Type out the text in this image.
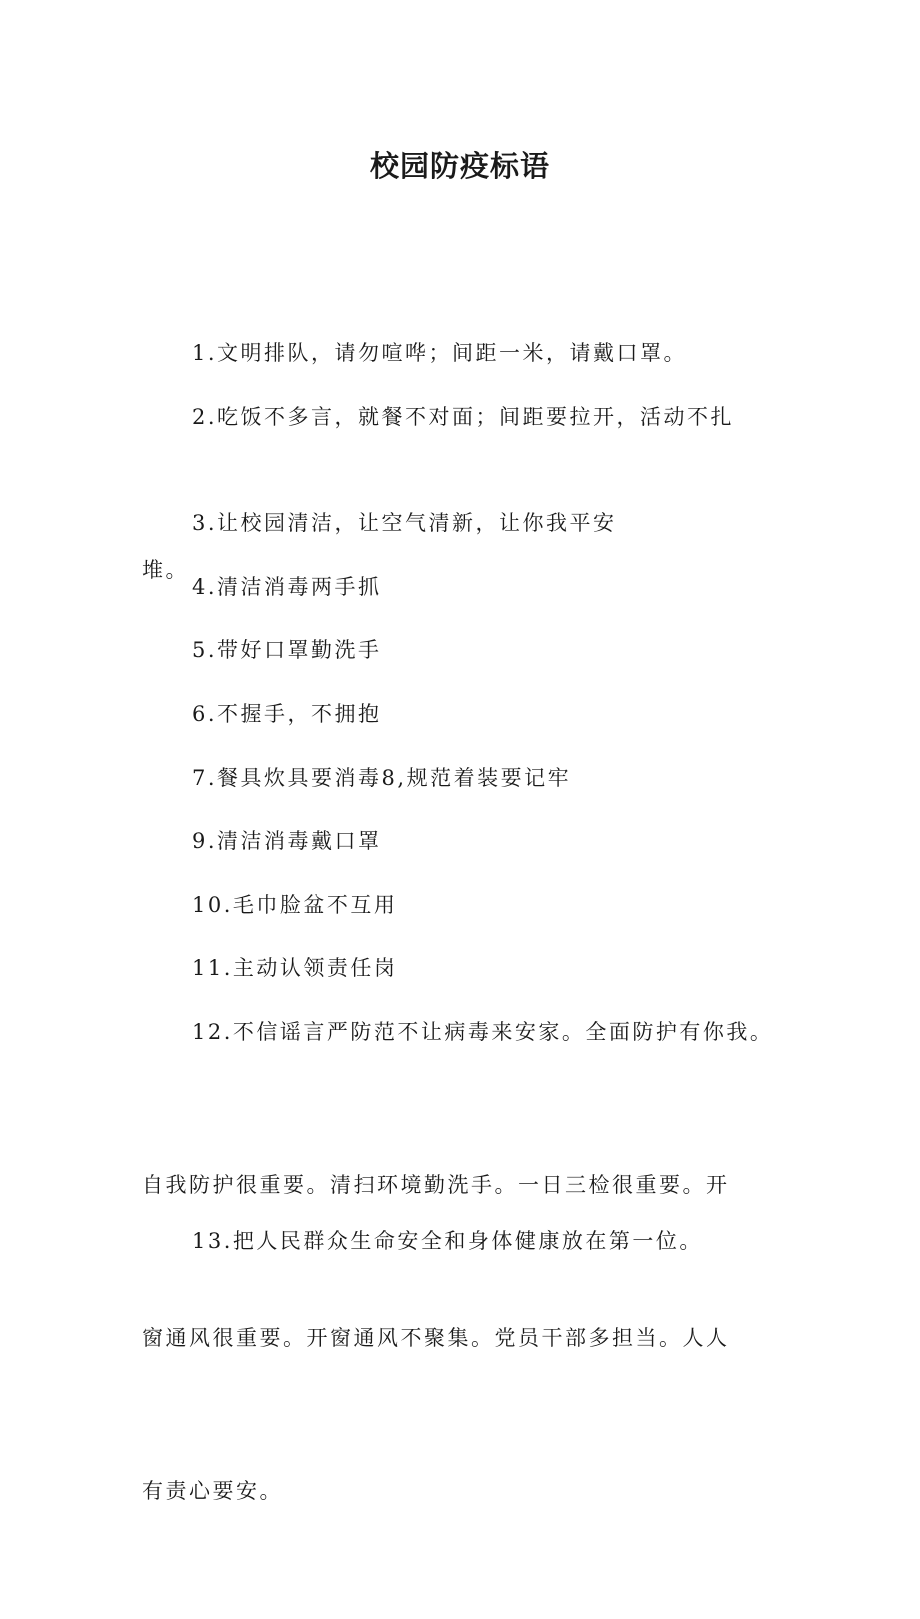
校园防疫标语

1.文明排队，请勿喧哗；间距一米，请戴口罩。

2.吃饭不多言，就餐不对面；间距要拉开，活动不扎

堆。

3.让校园清洁，让空气清新，让你我平安

4.清洁消毒两手抓

5.带好口罩勤洗手

6.不握手，不拥抱

7.餐具炊具要消毒8,规范着装要记牢

9.清洁消毒戴口罩

10.毛巾脸盆不互用

11.主动认领责任岗

12.不信谣言严防范不让病毒来安家。全面防护有你我。

自我防护很重要。清扫环境勤洗手。一日三检很重要。开

窗通风很重要。开窗通风不聚集。党员干部多担当。人人

有责心要安。

13.把人民群众生命安全和身体健康放在第一位。
